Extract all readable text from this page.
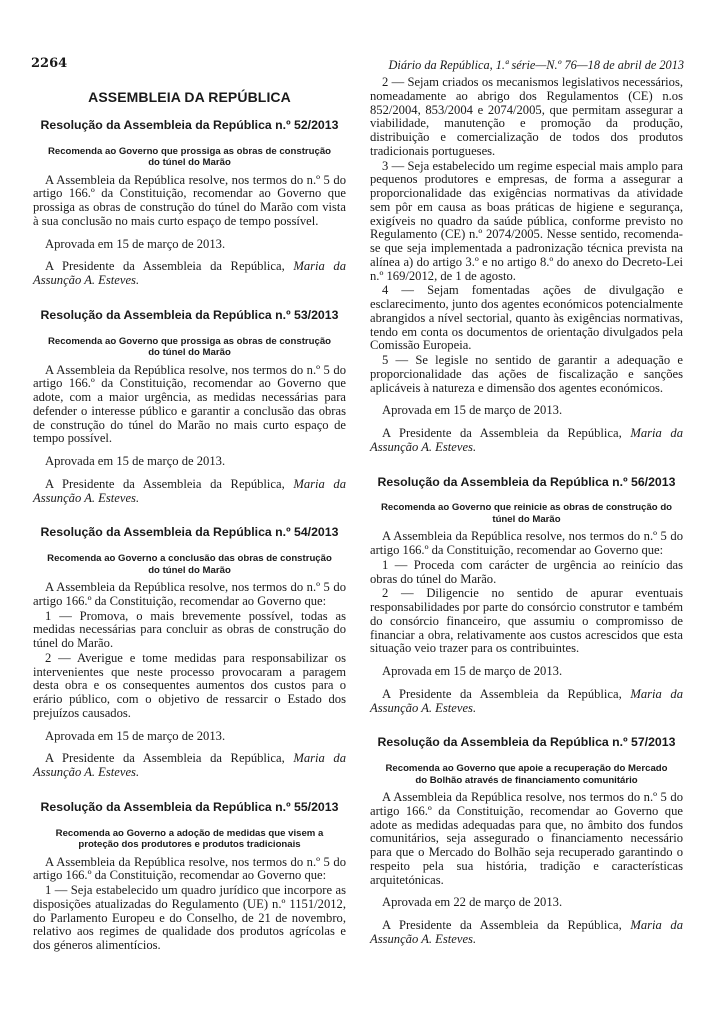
2264	Diário da República, 1.ª série—N.º 76—18 de abril de 2013
ASSEMBLEIA DA REPÚBLICA
Resolução da Assembleia da República n.º 52/2013
Recomenda ao Governo que prossiga as obras de construção do túnel do Marão

A Assembleia da República resolve, nos termos do n.º 5 do artigo 166.º da Constituição, recomendar ao Governo que prossiga as obras de construção do túnel do Marão com vista à sua conclusão no mais curto espaço de tempo possível.

Aprovada em 15 de março de 2013.

A Presidente da Assembleia da República, Maria da Assunção A. Esteves.

Resolução da Assembleia da República n.º 53/2013
Recomenda ao Governo que prossiga as obras de construção do túnel do Marão

A Assembleia da República resolve, nos termos do n.º 5 do artigo 166.º da Constituição, recomendar ao Governo que adote, com a maior urgência, as medidas necessárias para defender o interesse público e garantir a conclusão das obras de construção do túnel do Marão no mais curto espaço de tempo possível.

Aprovada em 15 de março de 2013.

A Presidente da Assembleia da República, Maria da Assunção A. Esteves.

Resolução da Assembleia da República n.º 54/2013
Recomenda ao Governo a conclusão das obras de construção do túnel do Marão

A Assembleia da República resolve, nos termos do n.º 5 do artigo 166.º da Constituição, recomendar ao Governo que:

1 — Promova, o mais brevemente possível, todas as medidas necessárias para concluir as obras de construção do túnel do Marão.

2 — Averigue e tome medidas para responsabilizar os intervenientes que neste processo provocaram a paragem desta obra e os consequentes aumentos dos custos para o erário público, com o objetivo de ressarcir o Estado dos prejuízos causados.

Aprovada em 15 de março de 2013.

A Presidente da Assembleia da República, Maria da Assunção A. Esteves.

Resolução da Assembleia da República n.º 55/2013
Recomenda ao Governo a adoção de medidas que visem a proteção dos produtores e produtos tradicionais

A Assembleia da República resolve, nos termos do n.º 5 do artigo 166.º da Constituição, recomendar ao Governo que:

1 — Seja estabelecido um quadro jurídico que incorpore as disposições atualizadas do Regulamento (UE) n.º 1151/2012, do Parlamento Europeu e do Conselho, de 21 de novembro, relativo aos regimes de qualidade dos produtos agrícolas e dos géneros alimentícios.

2 — Sejam criados os mecanismos legislativos necessários, nomeadamente ao abrigo dos Regulamentos (CE) n.os 852/2004, 853/2004 e 2074/2005, que permitam assegurar a viabilidade, manutenção e promoção da produção, distribuição e comercialização de todos dos produtos tradicionais portugueses.

3 — Seja estabelecido um regime especial mais amplo para pequenos produtores e empresas, de forma a assegurar a proporcionalidade das exigências normativas da atividade sem pôr em causa as boas práticas de higiene e segurança, exigíveis no quadro da saúde pública, conforme previsto no Regulamento (CE) n.º 2074/2005. Nesse sentido, recomenda-se que seja implementada a padronização técnica prevista na alínea a) do artigo 3.º e no artigo 8.º do anexo do Decreto-Lei n.º 169/2012, de 1 de agosto.

4 — Sejam fomentadas ações de divulgação e esclarecimento, junto dos agentes económicos potencialmente abrangidos a nível sectorial, quanto às exigências normativas, tendo em conta os documentos de orientação divulgados pela Comissão Europeia.

5 — Se legisle no sentido de garantir a adequação e proporcionalidade das ações de fiscalização e sanções aplicáveis à natureza e dimensão dos agentes económicos.

Aprovada em 15 de março de 2013.

A Presidente da Assembleia da República, Maria da Assunção A. Esteves.

Resolução da Assembleia da República n.º 56/2013
Recomenda ao Governo que reinicie as obras de construção do túnel do Marão

A Assembleia da República resolve, nos termos do n.º 5 do artigo 166.º da Constituição, recomendar ao Governo que:

1 — Proceda com carácter de urgência ao reinício das obras do túnel do Marão.

2 — Diligencie no sentido de apurar eventuais responsabilidades por parte do consórcio construtor e também do consórcio financeiro, que assumiu o compromisso de financiar a obra, relativamente aos custos acrescidos que esta situação veio trazer para os contribuintes.

Aprovada em 15 de março de 2013.

A Presidente da Assembleia da República, Maria da Assunção A. Esteves.

Resolução da Assembleia da República n.º 57/2013
Recomenda ao Governo que apoie a recuperação do Mercado do Bolhão através de financiamento comunitário

A Assembleia da República resolve, nos termos do n.º 5 do artigo 166.º da Constituição, recomendar ao Governo que adote as medidas adequadas para que, no âmbito dos fundos comunitários, seja assegurado o financiamento necessário para que o Mercado do Bolhão seja recuperado garantindo o respeito pela sua história, tradição e características arquitetónicas.

Aprovada em 22 de março de 2013.

A Presidente da Assembleia da República, Maria da Assunção A. Esteves.
